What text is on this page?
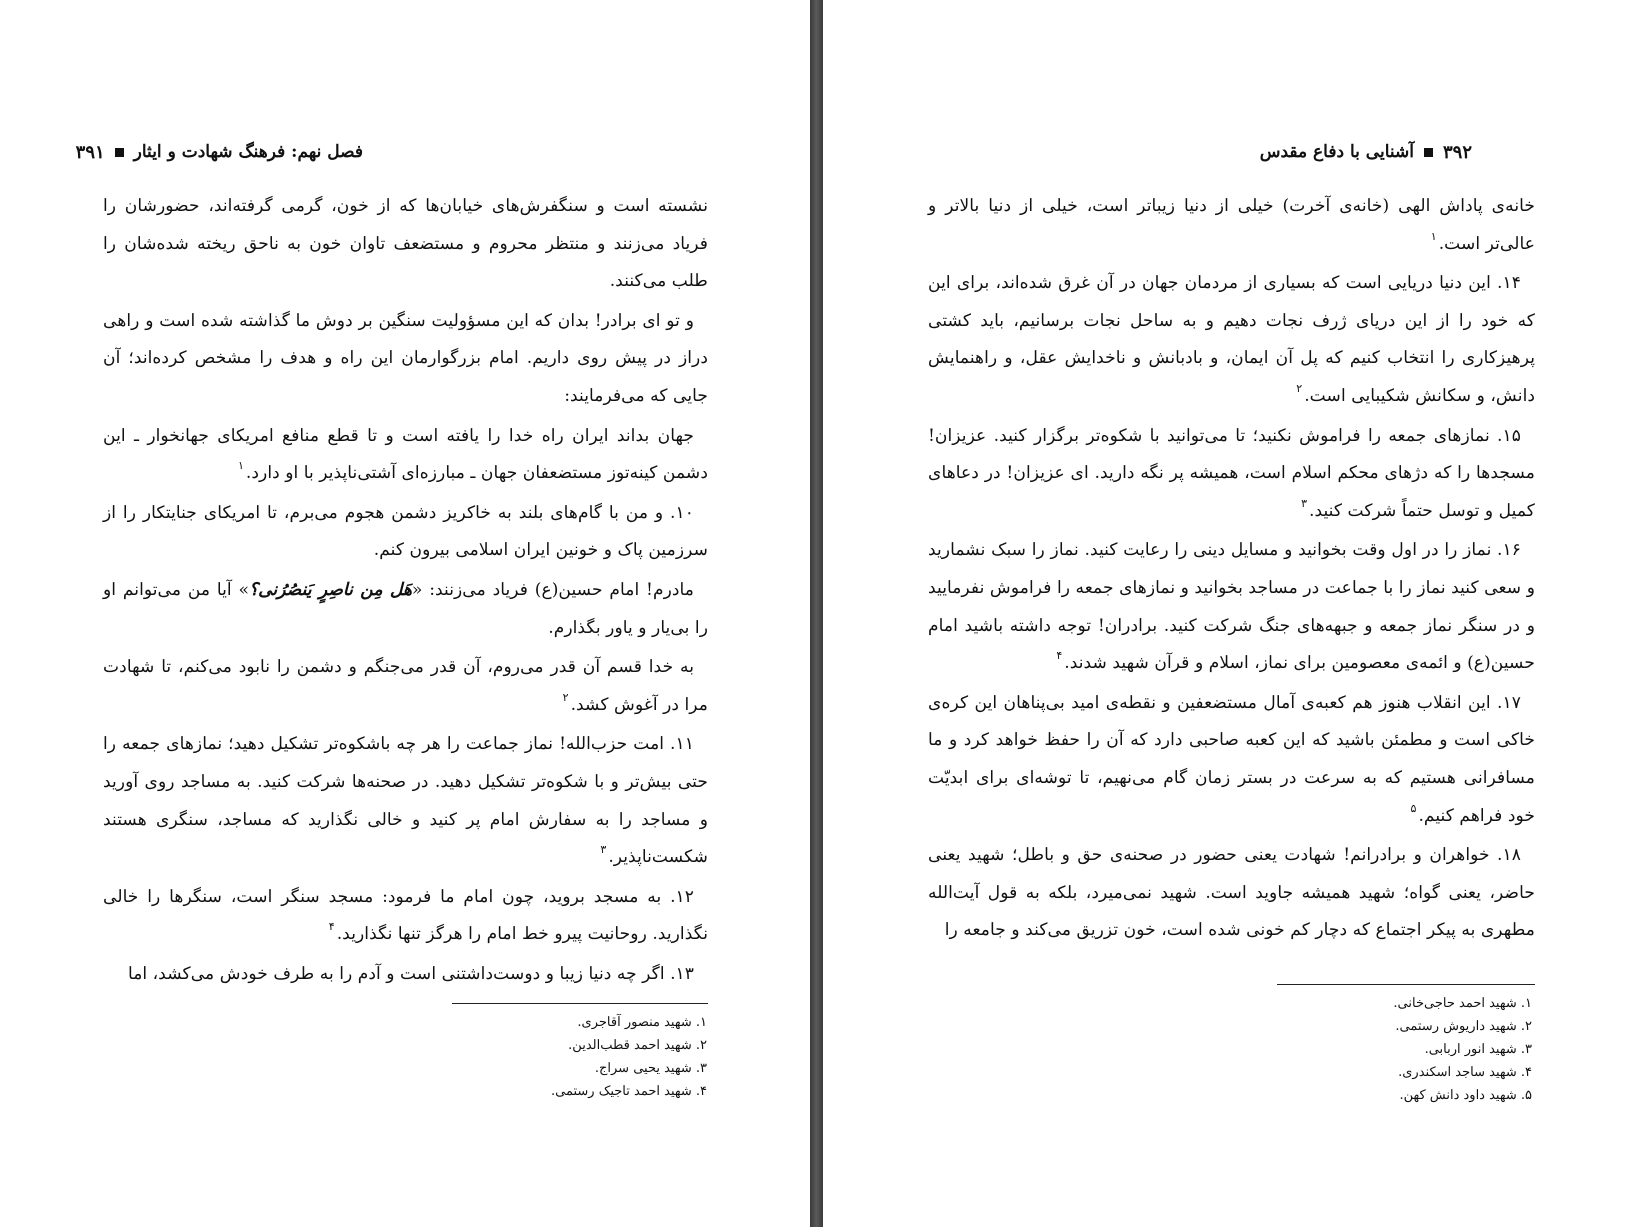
فصل نهم: فرهنگ شهادت و ایثار
۳۹۱

نشسته است و سنگفرش‌های خیابان‌ها که از خون، گرمی گرفته‌اند، حضورشان را فریاد می‌زنند و منتظر محروم و مستضعف تاوان خون به ناحق ریخته شده‌شان را طلب می‌کنند.

و تو ای برادر! بدان که این مسؤولیت سنگین بر دوش ما گذاشته شده است و راهی دراز در پیش روی داریم. امام بزرگوارمان این راه و هدف را مشخص کرده‌اند؛ آن جایی که می‌فرمایند:

جهان بداند ایران راه خدا را یافته است و تا قطع منافع امریکای جهانخوار ـ این دشمن کینه‌توز مستضعفان جهان ـ مبارزه‌ای آشتی‌ناپذیر با او دارد.$^۱$

۱۰. و من با گام‌های بلند به خاکریز دشمن هجوم می‌برم، تا امریکای جنایتکار را از سرزمین پاک و خونین ایران اسلامی بیرون کنم.

مادرم! امام حسین(ع) فریاد می‌زنند: «هَل مِن ناصِرٍ یَنصُرُنی؟» آیا من می‌توانم او را بی‌یار و یاور بگذارم.

به خدا قسم آن قدر می‌روم، آن قدر می‌جنگم و دشمن را نابود می‌کنم، تا شهادت مرا در آغوش کشد.$^۲$

۱۱. امت حزب‌الله! نماز جماعت را هر چه باشکوه‌تر تشکیل دهید؛ نمازهای جمعه را حتی بیش‌تر و با شکوه‌تر تشکیل دهید. در صحنه‌ها شرکت کنید. به مساجد روی آورید و مساجد را به سفارش امام پر کنید و خالی نگذارید که مساجد، سنگری هستند شکست‌ناپذیر.$^۳$

۱۲. به مسجد بروید، چون امام ما فرمود: مسجد سنگر است، سنگرها را خالی نگذارید. روحانیت پیرو خط امام را هرگز تنها نگذارید.$^۴$

۱۳. اگر چه دنیا زیبا و دوست‌داشتنی است و آدم را به طرف خودش می‌کشد، اما

۱. شهید منصور آقاجری.
۲. شهید احمد قطب‌الدین.
۳. شهید یحیی سراج.
۴. شهید احمد تاجیک رستمی.
۳۹۲
آشنایی با دفاع مقدس

خانه‌ی پاداش الهی (خانه‌ی آخرت) خیلی از دنیا زیباتر است، خیلی از دنیا بالاتر و عالی‌تر است.$^۱$

۱۴. این دنیا دریایی است که بسیاری از مردمان جهان در آن غرق شده‌اند، برای این که خود را از این دریای ژرف نجات دهیم و به ساحل نجات برسانیم، باید کشتی پرهیزکاری را انتخاب کنیم که پل آن ایمان، و بادبانش و ناخدایش عقل، و راهنمایش دانش، و سکانش شکیبایی است.$^۲$

۱۵. نمازهای جمعه را فراموش نکنید؛ تا می‌توانید با شکوه‌تر برگزار کنید. عزیزان! مسجدها را که دژهای محکم اسلام است، همیشه پر نگه دارید. ای عزیزان! در دعاهای کمیل و توسل حتماً شرکت کنید.$^۳$

۱۶. نماز را در اول وقت بخوانید و مسایل دینی را رعایت کنید. نماز را سبک نشمارید و سعی کنید نماز را با جماعت در مساجد بخوانید و نمازهای جمعه را فراموش نفرمایید و در سنگر نماز جمعه و جبهه‌های جنگ شرکت کنید. برادران! توجه داشته باشید امام حسین(ع) و ائمه‌ی معصومین برای نماز، اسلام و قرآن شهید شدند.$^۴$

۱۷. این انقلاب هنوز هم کعبه‌ی آمال مستضعفین و نقطه‌ی امید بی‌پناهان این کره‌ی خاکی است و مطمئن باشید که این کعبه صاحبی دارد که آن را حفظ خواهد کرد و ما مسافرانی هستیم که به سرعت در بستر زمان گام می‌نهیم، تا توشه‌ای برای ابدیّت خود فراهم کنیم.$^۵$

۱۸. خواهران و برادرانم! شهادت یعنی حضور در صحنه‌ی حق و باطل؛ شهید یعنی حاضر، یعنی گواه؛ شهید همیشه جاوید است. شهید نمی‌میرد، بلکه به قول آیت‌الله مطهری به پیکر اجتماع که دچار کم خونی شده است، خون تزریق می‌کند و جامعه را

۱. شهید احمد حاجی‌خانی.
۲. شهید داریوش رستمی.
۳. شهید انور اربابی.
۴. شهید ساجد اسکندری.
۵. شهید داود دانش کهن.
